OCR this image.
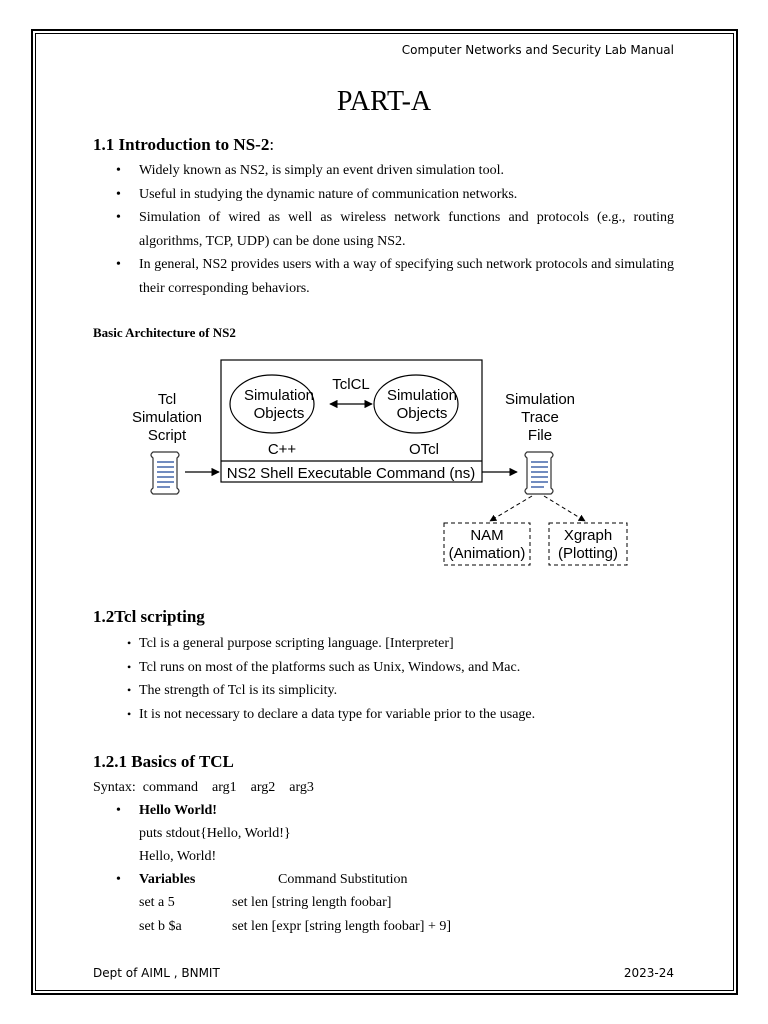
Computer Networks and Security Lab Manual
PART-A
1.1 Introduction to NS-2:
• Widely known as NS2, is simply an event driven simulation tool.
• Useful in studying the dynamic nature of communication networks.
• Simulation of wired as well as wireless network functions and protocols (e.g., routing algorithms, TCP, UDP) can be done using NS2.
• In general, NS2 provides users with a way of specifying such network protocols and simulating their corresponding behaviors.
Basic Architecture of NS2
Tcl
Simulation
Script
Simulation
Objects
Simulation
Objects
TclCL
C++	OTcl
NS2 Shell Executable Command (ns)
Simulation
Trace
File
NAM
(Animation)
Xgraph
(Plotting)
1.2Tcl scripting
• Tcl is a general purpose scripting language. [Interpreter]
• Tcl runs on most of the platforms such as Unix, Windows, and Mac.
• The strength of Tcl is its simplicity.
• It is not necessary to declare a data type for variable prior to the usage.
1.2.1 Basics of TCL
Syntax:  command    arg1    arg2    arg3
• Hello World!
puts stdout{Hello, World!}
Hello, World!
• Variables	Command Substitution
set a 5	set len [string length foobar]
set b $a	set len [expr [string length foobar] + 9]
Dept of AIML , BNMIT	2023-24
